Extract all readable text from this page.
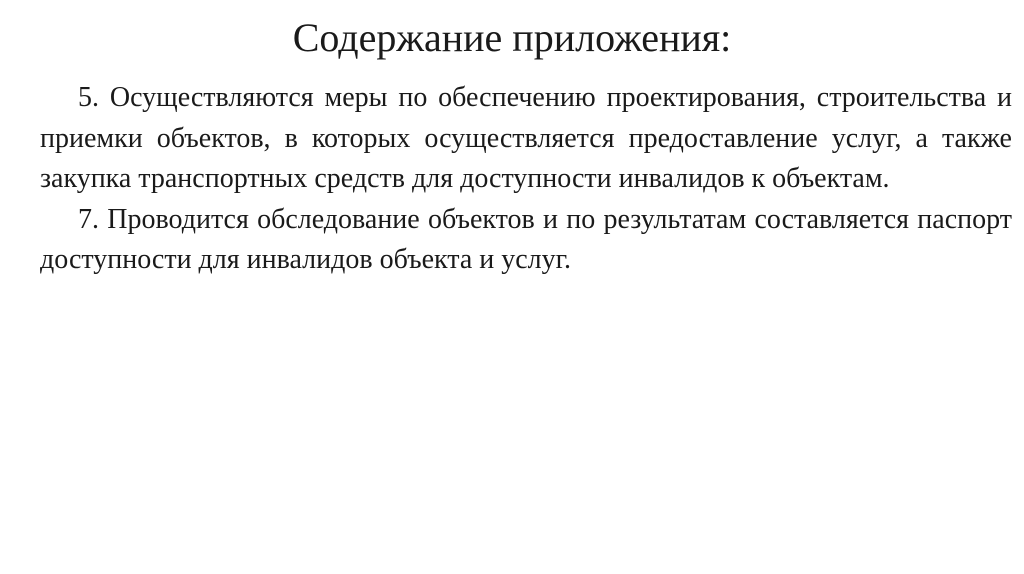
Содержание приложения:

5. Осуществляются меры по обеспечению проектирования, строительства и приемки объектов, в которых осуществляется предоставление услуг, а также закупка транспортных средств для доступности инвалидов к объектам.

7. Проводится обследование объектов и по результатам составляется паспорт доступности для инвалидов объекта и услуг.
